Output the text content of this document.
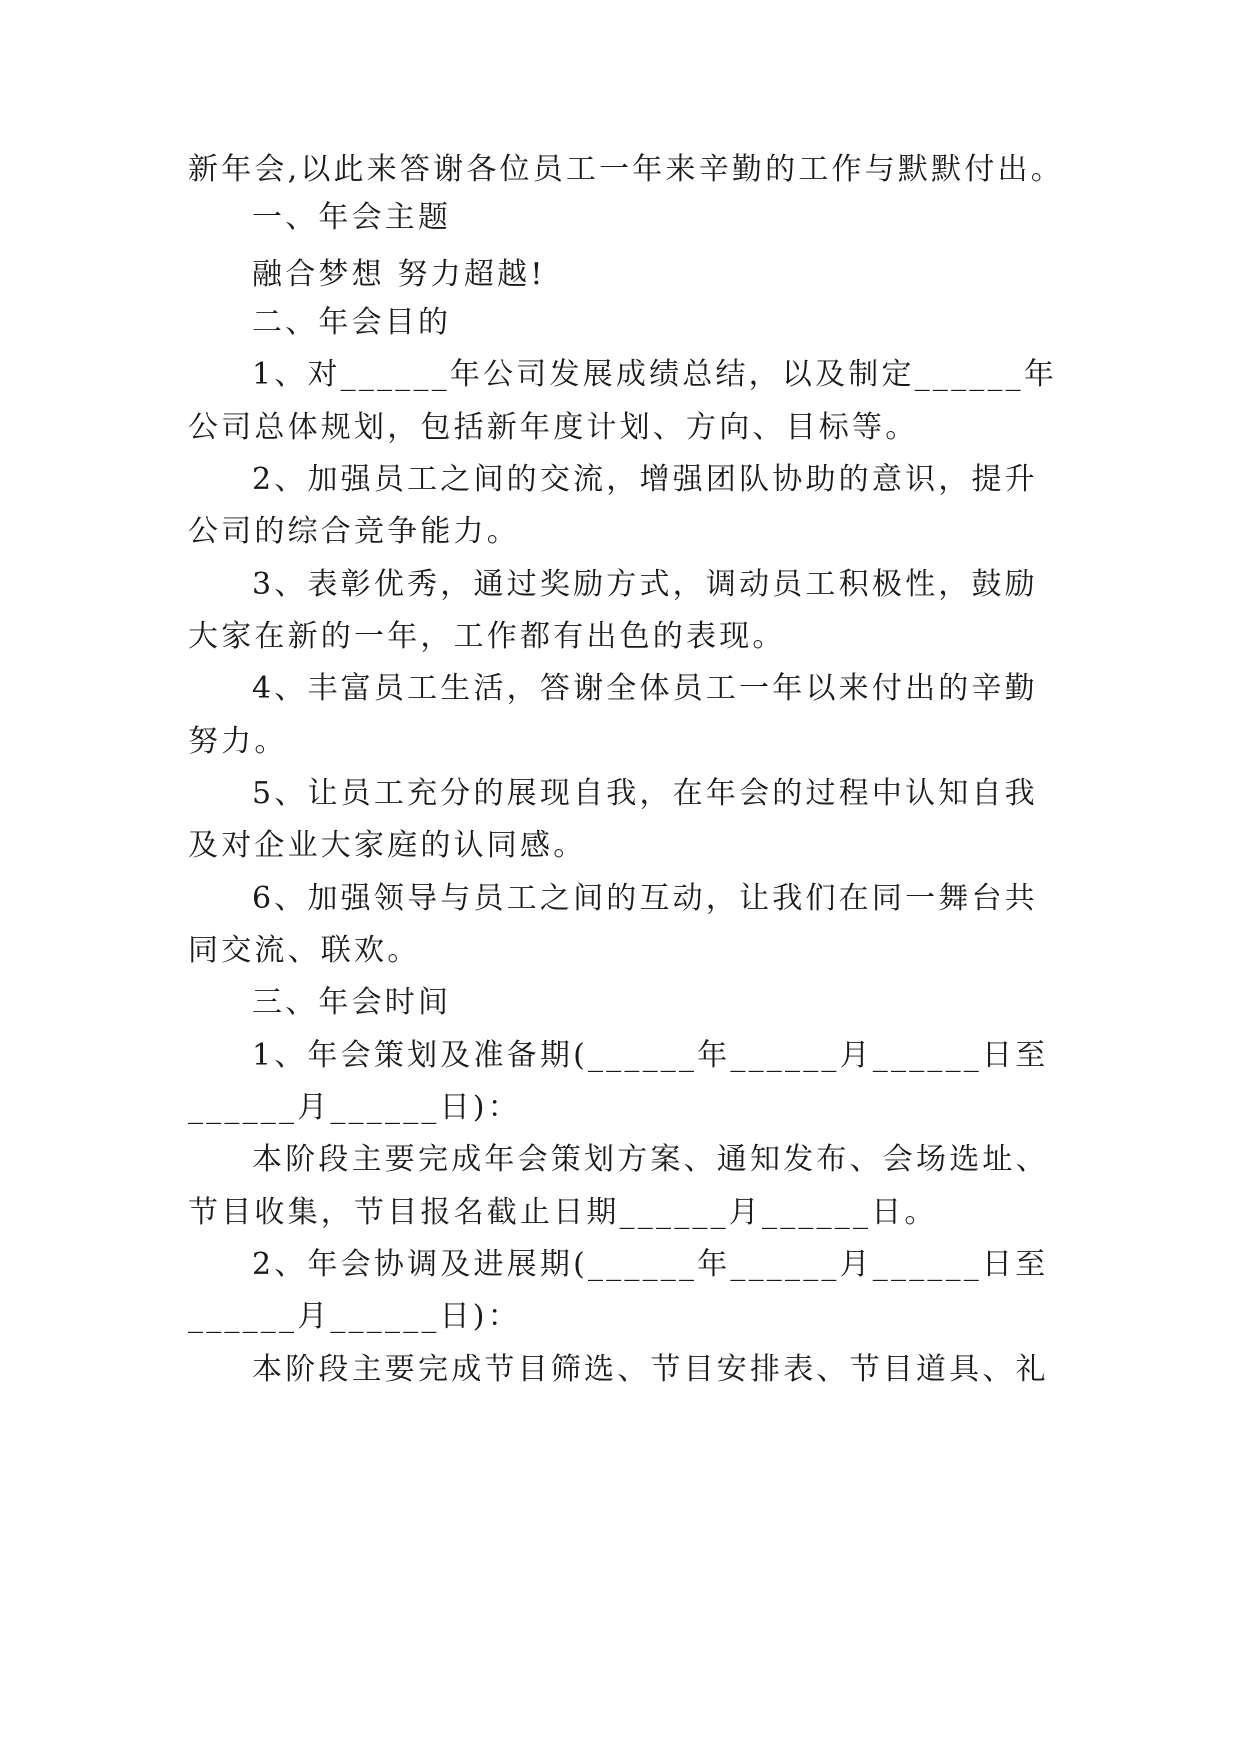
新年会,以此来答谢各位员工一年来辛勤的工作与默默付出。
一、年会主题
融合梦想 努力超越!
二、年会目的
1、对______年公司发展成绩总结，以及制定______年
公司总体规划，包括新年度计划、方向、目标等。
2、加强员工之间的交流，增强团队协助的意识，提升
公司的综合竞争能力。
3、表彰优秀，通过奖励方式，调动员工积极性，鼓励
大家在新的一年，工作都有出色的表现。
4、丰富员工生活，答谢全体员工一年以来付出的辛勤
努力。
5、让员工充分的展现自我，在年会的过程中认知自我
及对企业大家庭的认同感。
6、加强领导与员工之间的互动，让我们在同一舞台共
同交流、联欢。
三、年会时间
1、年会策划及准备期(______年______月______日至
______月______日)：
本阶段主要完成年会策划方案、通知发布、会场选址、
节目收集，节目报名截止日期______月______日。
2、年会协调及进展期(______年______月______日至
______月______日)：
本阶段主要完成节目筛选、节目安排表、节目道具、礼
